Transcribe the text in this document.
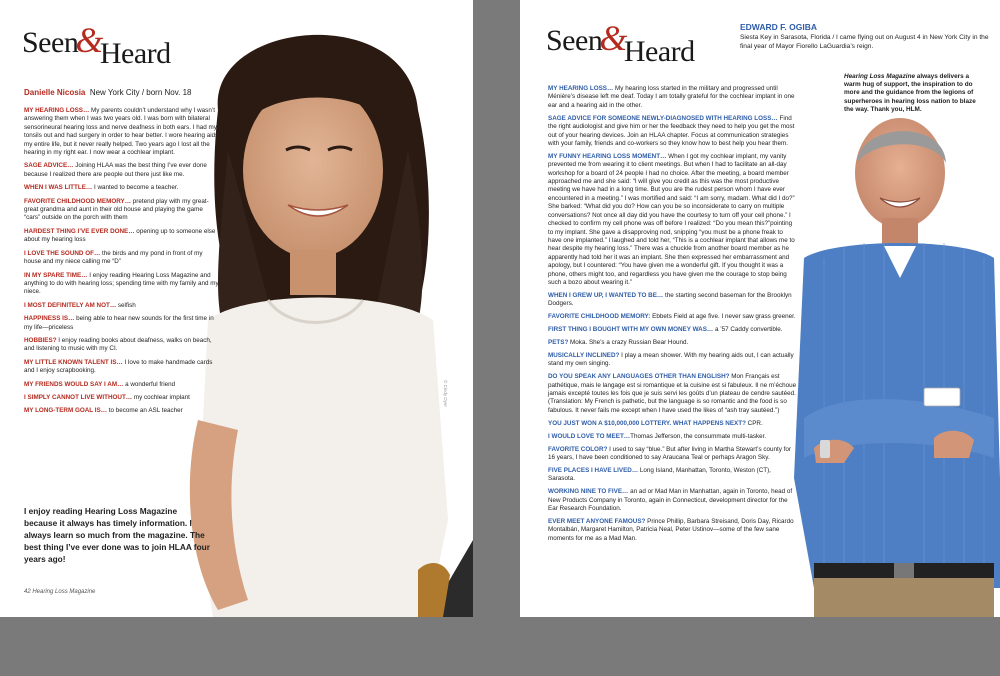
Seen&Heard
© Cindy Dyer
Danielle Nicosia New York City / born Nov. 18

MY HEARING LOSS… My parents couldn’t understand why I wasn’t answering them when I was two years old. I was born with bilateral sensorineural hearing loss and nerve deafness in both ears. I had my tonsils out and had surgery in order to hear better. I wore hearing aids my entire life, but it never really helped. Two years ago I lost all the hearing in my right ear. I now wear a cochlear implant.

SAGE ADVICE… Joining HLAA was the best thing I’ve ever done because I realized there are people out there just like me.

WHEN I WAS LITTLE… I wanted to become a teacher.

FAVORITE CHILDHOOD MEMORY… pretend play with my great-great grandma and aunt in their old house and playing the game “cars” outside on the porch with them

HARDEST THING I’VE EVER DONE… opening up to someone else about my hearing loss

I LOVE THE SOUND OF… the birds and my pond in front of my house and my niece calling me “D”

IN MY SPARE TIME… I enjoy reading Hearing Loss Magazine and anything to do with hearing loss; spending time with my family and my niece.

I MOST DEFINITELY AM NOT… selfish

HAPPINESS IS… being able to hear new sounds for the first time in my life—priceless

HOBBIES? I enjoy reading books about deafness, walks on beach, and listening to music with my CI.

MY LITTLE KNOWN TALENT IS… I love to make handmade cards and I enjoy scrapbooking.

MY FRIENDS WOULD SAY I AM… a wonderful friend

I SIMPLY CANNOT LIVE WITHOUT… my cochlear implant

MY LONG-TERM GOAL IS… to become an ASL teacher

I enjoy reading Hearing Loss Magazine because it always has timely information. I always learn so much from the magazine. The best thing I’ve ever done was to join HLAA four years ago!
42 Hearing Loss Magazine
Seen&Heard
EDWARD F. OGIBA
Siesta Key in Sarasota, Florida / I came flying out on August 4 in New York City in the final year of Mayor Fiorello LaGuardia’s reign.
Hearing Loss Magazine always delivers a warm hug of support, the inspiration to do more and the guidance from the legions of superheroes in hearing loss nation to blaze the way. Thank you, HLM.

MY HEARING LOSS… My hearing loss started in the military and progressed until Ménière’s disease left me deaf. Today I am totally grateful for the cochlear implant in one ear and a hearing aid in the other.

SAGE ADVICE FOR SOMEONE NEWLY-DIAGNOSED WITH HEARING LOSS… Find the right audiologist and give him or her the feedback they need to help you get the most out of your hearing devices. Join an HLAA chapter. Focus at communication strategies with your family, friends and co-workers so they know how to best help you hear them.

MY FUNNY HEARING LOSS MOMENT… When I got my cochlear implant, my vanity prevented me from wearing it to client meetings. But when I had to facilitate an all-day workshop for a board of 24 people I had no choice. After the meeting, a board member approached me and she said: “I will give you credit as this was the most productive meeting we have had in a long time. But you are the rudest person whom I have ever encountered in a meeting.” I was mortified and said: “I am sorry, madam. What did I do?” She barked: “What did you do? How can you be so inconsiderate to carry on multiple conversations? Not once all day did you have the courtesy to turn off your cell phone.” I checked to confirm my cell phone was off before I realized: “Do you mean this?”pointing to my implant. She gave a disapproving nod, snipping “you must be a phone freak to have one implanted.” I laughed and told her, “This is a cochlear implant that allows me to hear despite my hearing loss.” There was a chuckle from another board member as he apparently had told her it was an implant. She then expressed her embarrassment and apology, but I countered: “You have given me a wonderful gift. If you thought it was a phone, others might too, and regardless you have given me the courage to stop being such a bozo about wearing it.”

WHEN I GREW UP, I WANTED TO BE… the starting second baseman for the Brooklyn Dodgers.

FAVORITE CHILDHOOD MEMORY: Ebbets Field at age five. I never saw grass greener.

FIRST THING I BOUGHT WITH MY OWN MONEY WAS… a ’57 Caddy convertible.

PETS? Moka. She’s a crazy Russian Bear Hound.

MUSICALLY INCLINED? I play a mean shower. With my hearing aids out, I can actually stand my own singing.

DO YOU SPEAK ANY LANGUAGES OTHER THAN ENGLISH? Mon Français est pathétique, mais le langage est si romantique et la cuisine est si fabuleux. Il ne m’échoue jamais excepté toutes les fois que je suis servi les goûts d’un plateau de cendre sautéed. (Translation: My French is pathetic, but the language is so romantic and the food is so fabulous. It never fails me except when I have used the likes of “ash tray sautéed.”)

YOU JUST WON A $10,000,000 LOTTERY. WHAT HAPPENS NEXT? CPR.

I WOULD LOVE TO MEET…Thomas Jefferson, the consummate multi-tasker.

FAVORITE COLOR? I used to say “blue.” But after living in Martha Stewart’s county for 16 years, I have been conditioned to say Araucana Teal or perhaps Aragon Sky.

FIVE PLACES I HAVE LIVED… Long Island, Manhattan, Toronto, Weston (CT), Sarasota.

WORKING NINE TO FIVE… an ad or Mad Man in Manhattan, again in Toronto, head of New Products Company in Toronto, again in Connecticut, development director for the Ear Research Foundation.

EVER MEET ANYONE FAMOUS? Prince Phillip, Barbara Streisand, Doris Day, Ricardo Montalbán, Margaret Hamilton, Patricia Neal, Peter Ustinov—some of the few sane moments for me as a Mad Man.
